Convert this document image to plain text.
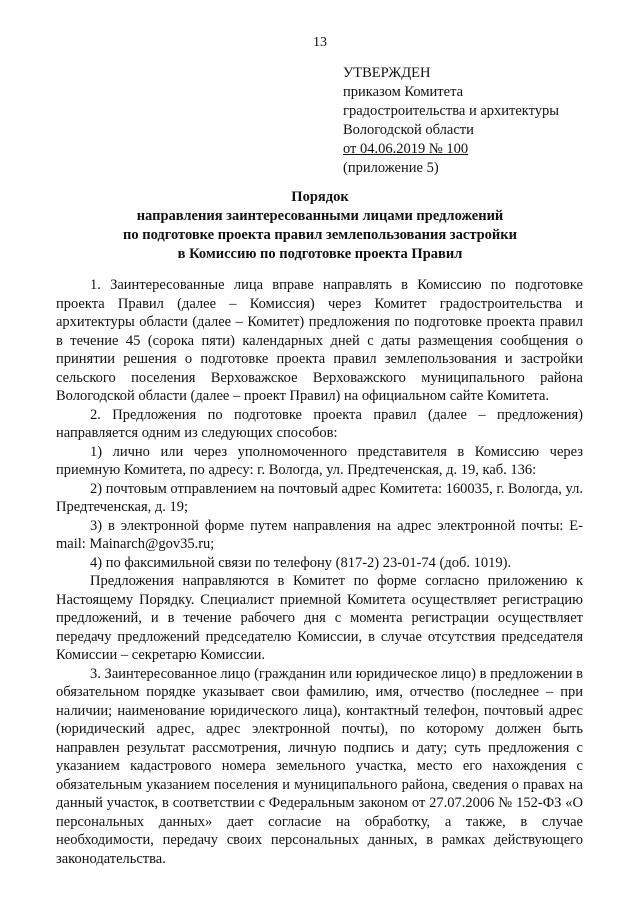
13
УТВЕРЖДЕН
приказом Комитета
градостроительства и архитектуры
Вологодской области
от 04.06.2019 № 100
(приложение 5)
Порядок
направления заинтересованными лицами предложений
по подготовке проекта правил землепользования застройки
в Комиссию по подготовке проекта Правил

1. Заинтересованные лица вправе направлять в Комиссию по подготовке проекта Правил (далее – Комиссия) через Комитет градостроительства и архитектуры области (далее – Комитет) предложения по подготовке проекта правил в течение 45 (сорока пяти) календарных дней с даты размещения сообщения о принятии решения о подготовке проекта правил землепользования и застройки сельского поселения Верховажское Верховажского муниципального района Вологодской области (далее – проект Правил) на официальном сайте Комитета.

2. Предложения по подготовке проекта правил (далее – предложения) направляется одним из следующих способов:

1) лично или через уполномоченного представителя в Комиссию через приемную Комитета, по адресу: г. Вологда, ул. Предтеченская, д. 19, каб. 136:

2) почтовым отправлением на почтовый адрес Комитета: 160035, г. Вологда, ул. Предтеченская, д. 19;

3) в электронной форме путем направления на адрес электронной почты: E-mail: Mainarch@gov35.ru;

4) по факсимильной связи по телефону (817-2) 23-01-74 (доб. 1019).

Предложения направляются в Комитет по форме согласно приложению к Настоящему Порядку. Специалист приемной Комитета осуществляет регистрацию предложений, и в течение рабочего дня с момента регистрации осуществляет передачу предложений председателю Комиссии, в случае отсутствия председателя Комиссии – секретарю Комиссии.

3. Заинтересованное лицо (гражданин или юридическое лицо) в предложении в обязательном порядке указывает свои фамилию, имя, отчество (последнее – при наличии; наименование юридического лица), контактный телефон, почтовый адрес (юридический адрес, адрес электронной почты), по которому должен быть направлен результат рассмотрения, личную подпись и дату; суть предложения с указанием кадастрового номера земельного участка, место его нахождения с обязательным указанием поселения и муниципального района, сведения о правах на данный участок, в соответствии с Федеральным законом от 27.07.2006 № 152-ФЗ «О персональных данных» дает согласие на обработку, а также, в случае необходимости, передачу своих персональных данных, в рамках действующего законодательства.
